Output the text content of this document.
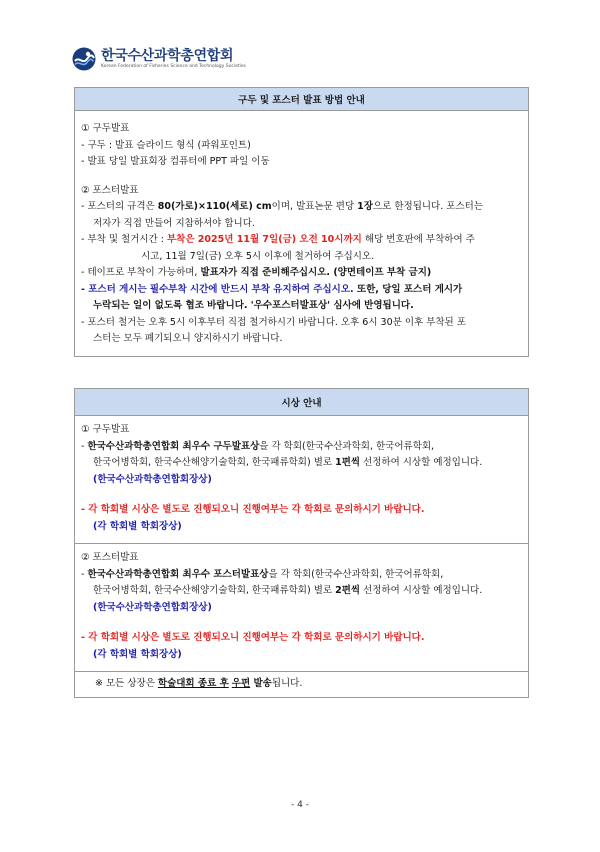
한국수산과학총연합회
Korean Federation of Fisheries Science and Technology Societies
구두 및 포스터 발표 방법 안내

① 구두발표
- 구두 : 발표 슬라이드 형식 (파워포인트)
- 발표 당일 발표회장 컴퓨터에 PPT 파일 이동
② 포스터발표
- 포스터의 규격은 80(가로)×110(세로) cm이며, 발표논문 편당 1장으로 한정됩니다. 포스터는
저자가 직접 만들어 지참하셔야 합니다.
- 부착 및 철거시간 : 부착은 2025년 11월 7일(금) 오전 10시까지 해당 번호판에 부착하여 주
시고, 11월 7일(금) 오후 5시 이후에 철거하여 주십시오.
- 테이프로 부착이 가능하며, 발표자가 직접 준비해주십시오. (양면테이프 부착 금지)
- 포스터 게시는 필수부착 시간에 반드시 부착 유지하여 주십시오. 또한, 당일 포스터 게시가
누락되는 일이 없도록 협조 바랍니다. '우수포스터발표상' 심사에 반영됩니다.
- 포스터 철거는 오후 5시 이후부터 직접 철거하시기 바랍니다. 오후 6시 30분 이후 부착된 포
스터는 모두 폐기되오니 양지하시기 바랍니다.
시상 안내

① 구두발표
- 한국수산과학총연합회 최우수 구두발표상을 각 학회(한국수산과학회, 한국어류학회,
한국어병학회, 한국수산해양기술학회, 한국패류학회) 별로 1편씩 선정하여 시상할 예정입니다.
(한국수산과학총연합회장상)
- 각 학회별 시상은 별도로 진행되오니 진행여부는 각 학회로 문의하시기 바랍니다.
(각 학회별 학회장상)

② 포스터발표
- 한국수산과학총연합회 최우수 포스터발표상을 각 학회(한국수산과학회, 한국어류학회,
한국어병학회, 한국수산해양기술학회, 한국패류학회) 별로 2편씩 선정하여 시상할 예정입니다.
(한국수산과학총연합회장상)
- 각 학회별 시상은 별도로 진행되오니 진행여부는 각 학회로 문의하시기 바랍니다.
(각 학회별 학회장상)

※ 모든 상장은 학술대회 종료 후 우편 발송됩니다.
- 4 -
